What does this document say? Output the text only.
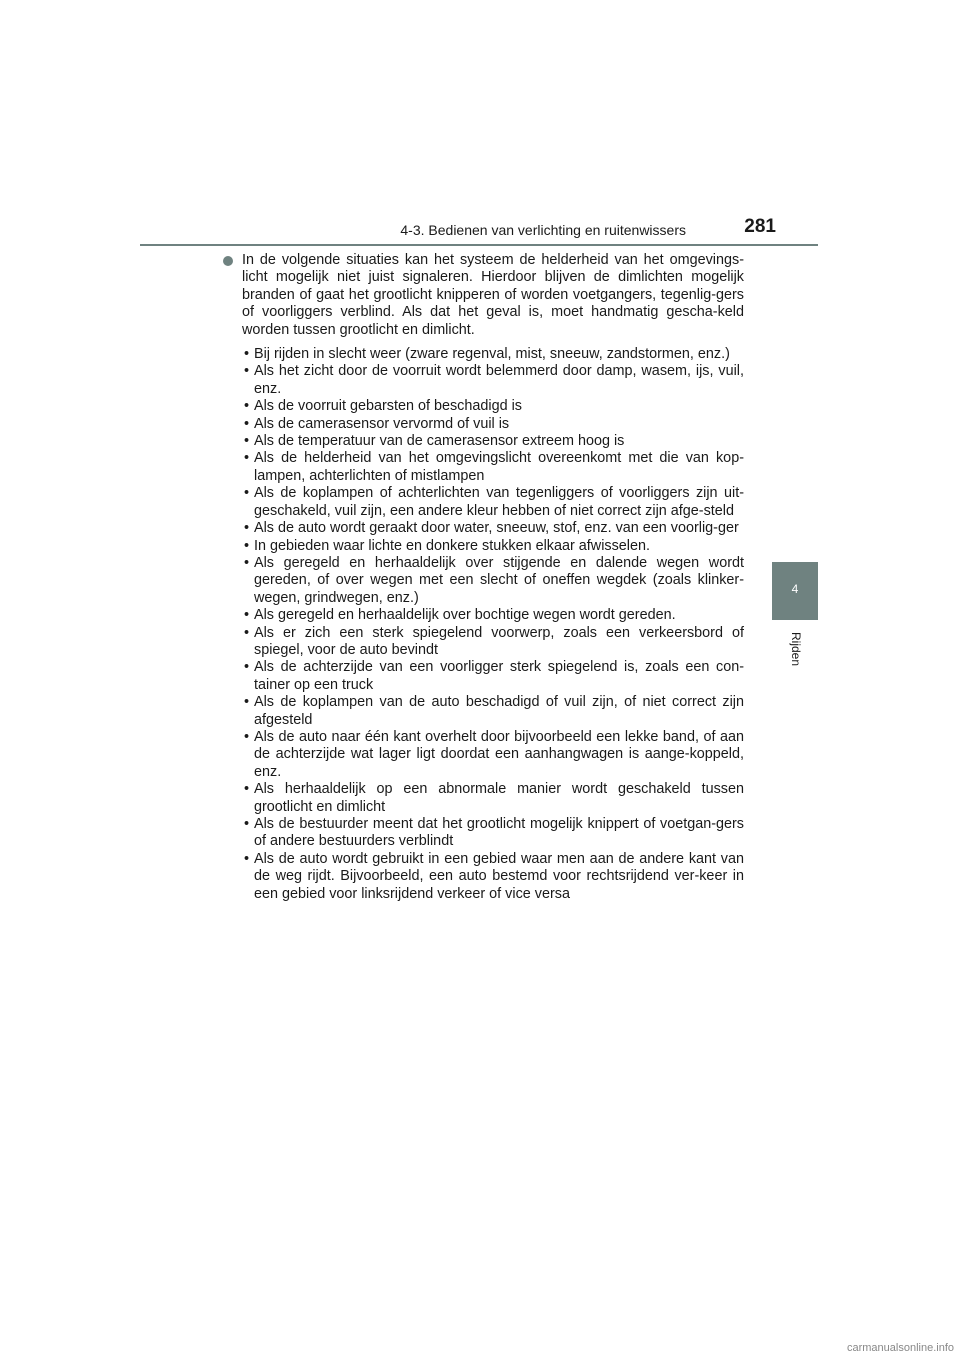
4-3. Bedienen van verlichting en ruitenwissers	281
4
Rijden
In de volgende situaties kan het systeem de helderheid van het omgevings-licht mogelijk niet juist signaleren. Hierdoor blijven de dimlichten mogelijk branden of gaat het grootlicht knipperen of worden voetgangers, tegenlig-gers of voorliggers verblind. Als dat het geval is, moet handmatig gescha-keld worden tussen grootlicht en dimlicht.
• Bij rijden in slecht weer (zware regenval, mist, sneeuw, zandstormen, enz.)
• Als het zicht door de voorruit wordt belemmerd door damp, wasem, ijs, vuil, enz.
• Als de voorruit gebarsten of beschadigd is
• Als de camerasensor vervormd of vuil is
• Als de temperatuur van de camerasensor extreem hoog is
• Als de helderheid van het omgevingslicht overeenkomt met die van kop-lampen, achterlichten of mistlampen
• Als de koplampen of achterlichten van tegenliggers of voorliggers zijn uit-geschakeld, vuil zijn, een andere kleur hebben of niet correct zijn afge-steld
• Als de auto wordt geraakt door water, sneeuw, stof, enz. van een voorlig-ger
• In gebieden waar lichte en donkere stukken elkaar afwisselen.
• Als geregeld en herhaaldelijk over stijgende en dalende wegen wordt gereden, of over wegen met een slecht of oneffen wegdek (zoals klinker-wegen, grindwegen, enz.)
• Als geregeld en herhaaldelijk over bochtige wegen wordt gereden.
• Als er zich een sterk spiegelend voorwerp, zoals een verkeersbord of spiegel, voor de auto bevindt
• Als de achterzijde van een voorligger sterk spiegelend is, zoals een con-tainer op een truck
• Als de koplampen van de auto beschadigd of vuil zijn, of niet correct zijn afgesteld
• Als de auto naar één kant overhelt door bijvoorbeeld een lekke band, of aan de achterzijde wat lager ligt doordat een aanhangwagen is aange-koppeld, enz.
• Als herhaaldelijk op een abnormale manier wordt geschakeld tussen grootlicht en dimlicht
• Als de bestuurder meent dat het grootlicht mogelijk knippert of voetgan-gers of andere bestuurders verblindt
• Als de auto wordt gebruikt in een gebied waar men aan de andere kant van de weg rijdt. Bijvoorbeeld, een auto bestemd voor rechtsrijdend ver-keer in een gebied voor linksrijdend verkeer of vice versa
carmanualsonline.info
